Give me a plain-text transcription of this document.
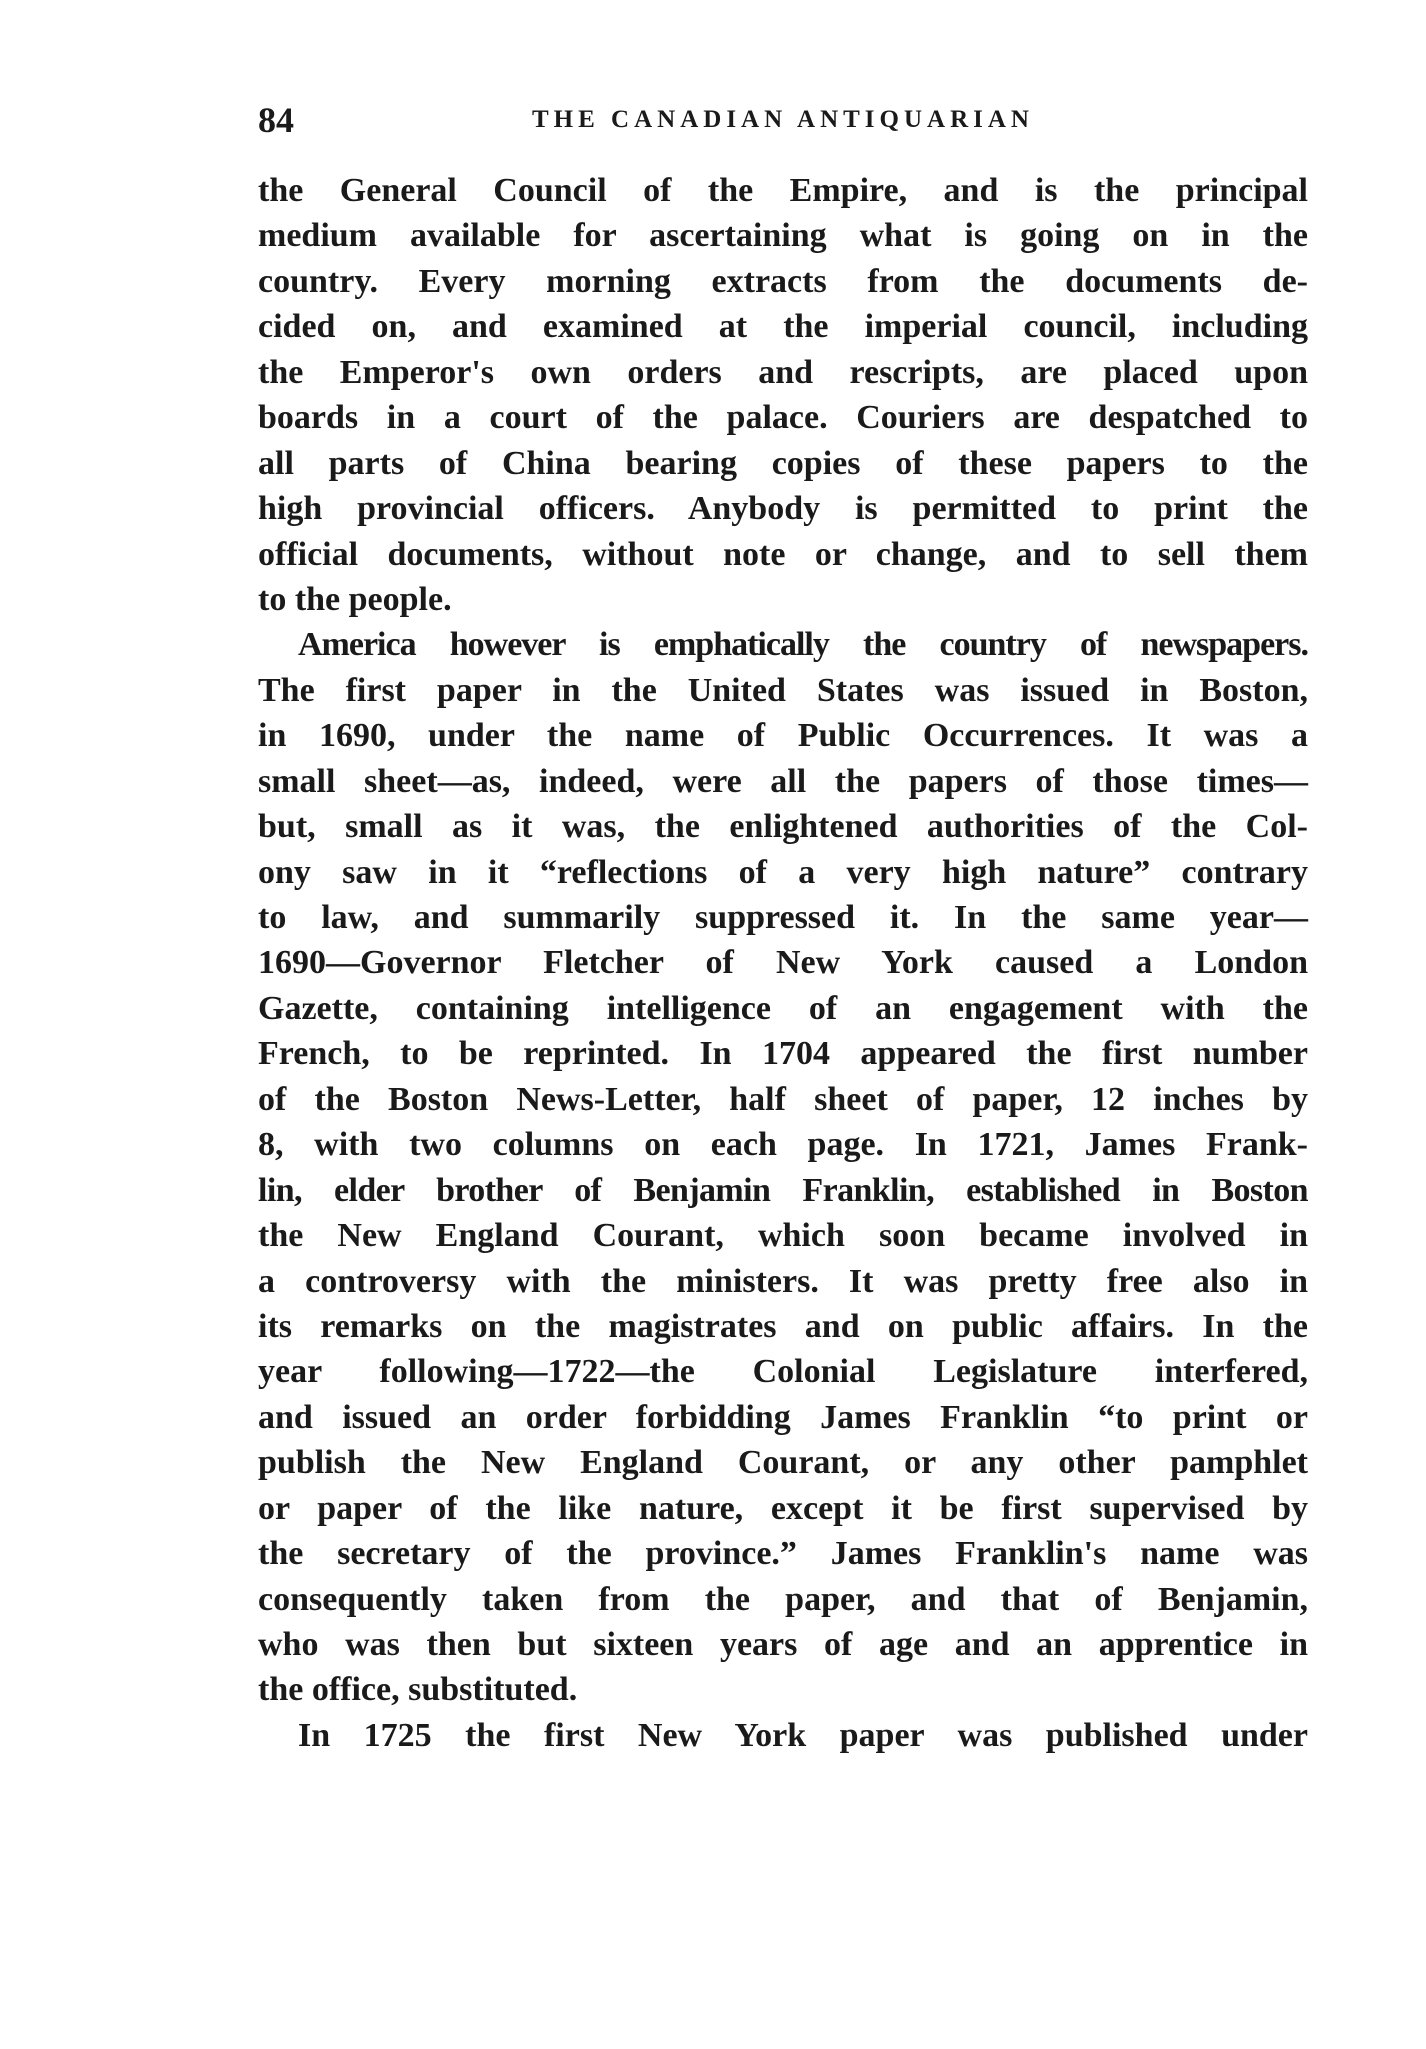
84	THE CANADIAN ANTIQUARIAN
the General Council of the Empire, and is the principal
medium available for ascertaining what is going on in the
country. Every morning extracts from the documents de-
cided on, and examined at the imperial council, including
the Emperor's own orders and rescripts, are placed upon
boards in a court of the palace. Couriers are despatched to
all parts of China bearing copies of these papers to the
high provincial officers. Anybody is permitted to print the
official documents, without note or change, and to sell them
to the people.
America however is emphatically the country of newspapers.
The first paper in the United States was issued in Boston,
in 1690, under the name of Public Occurrences. It was a
small sheet—as, indeed, were all the papers of those times—
but, small as it was, the enlightened authorities of the Col-
ony saw in it “reflections of a very high nature” contrary
to law, and summarily suppressed it. In the same year—
1690—Governor Fletcher of New York caused a London
Gazette, containing intelligence of an engagement with the
French, to be reprinted. In 1704 appeared the first number
of the Boston News-Letter, half sheet of paper, 12 inches by
8, with two columns on each page. In 1721, James Frank-
lin, elder brother of Benjamin Franklin, established in Boston
the New England Courant, which soon became involved in
a controversy with the ministers. It was pretty free also in
its remarks on the magistrates and on public affairs. In the
year following—1722—the Colonial Legislature interfered,
and issued an order forbidding James Franklin “to print or
publish the New England Courant, or any other pamphlet
or paper of the like nature, except it be first supervised by
the secretary of the province.” James Franklin's name was
consequently taken from the paper, and that of Benjamin,
who was then but sixteen years of age and an apprentice in
the office, substituted.
In 1725 the first New York paper was published under
